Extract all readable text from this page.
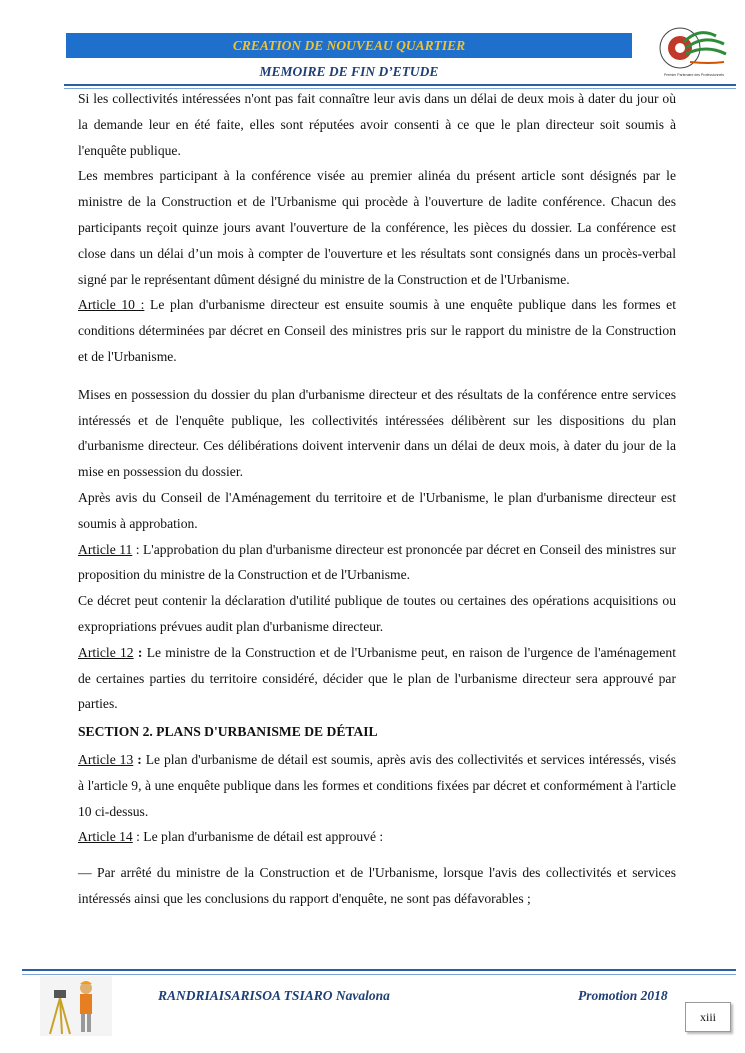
CREATION DE NOUVEAU QUARTIER
MEMOIRE DE FIN D’ETUDE	Premier Partenaire des Professionnels

Si les collectivités intéressées n'ont pas fait connaître leur avis dans un délai de deux mois à dater du jour où la demande leur en été faite, elles sont réputées avoir consenti à ce que le plan directeur soit soumis à l'enquête publique.

Les membres participant à la conférence visée au premier alinéa du présent article sont désignés par le ministre de la Construction et de l'Urbanisme qui procède à l'ouverture de ladite conférence. Chacun des participants reçoit quinze jours avant l'ouverture de la conférence, les pièces du dossier. La conférence est close dans un délai d’un mois à compter de l'ouverture et les résultats sont consignés dans un procès-verbal signé par le représentant dûment désigné du ministre de la Construction et de l'Urbanisme.

Article 10 : Le plan d'urbanisme directeur est ensuite soumis à une enquête publique dans les formes et conditions déterminées par décret en Conseil des ministres pris sur le rapport du ministre de la Construction et de l'Urbanisme.

Mises en possession du dossier du plan d'urbanisme directeur et des résultats de la conférence entre services intéressés et de l'enquête publique, les collectivités intéressées délibèrent sur les dispositions du plan d'urbanisme directeur. Ces délibérations doivent intervenir dans un délai de deux mois, à dater du jour de la mise en possession du dossier.

Après avis du Conseil de l'Aménagement du territoire et de l'Urbanisme, le plan d'urbanisme directeur est soumis à approbation.

Article 11 : L'approbation du plan d'urbanisme directeur est prononcée par décret en Conseil des ministres sur proposition du ministre de la Construction et de l'Urbanisme.

Ce décret peut contenir la déclaration d'utilité publique de toutes ou certaines des opérations acquisitions ou expropriations prévues audit plan d'urbanisme directeur.

Article 12 : Le ministre de la Construction et de l'Urbanisme peut, en raison de l'urgence de l'aménagement de certaines parties du territoire considéré, décider que le plan de l'urbanisme directeur sera approuvé par parties.

SECTION 2. PLANS D'URBANISME DE DÉTAIL

Article 13 : Le plan d'urbanisme de détail est soumis, après avis des collectivités et services intéressés, visés à l'article 9, à une enquête publique dans les formes et conditions fixées par décret et conformément à l'article 10 ci-dessus.

Article 14 : Le plan d'urbanisme de détail est approuvé :

— Par arrêté du ministre de la Construction et de l'Urbanisme, lorsque l'avis des collectivités et services intéressés ainsi que les conclusions du rapport d'enquête, ne sont pas défavorables ;

RANDRIAISARISOA TSIARO Navalona	Promotion 2018
xiii
